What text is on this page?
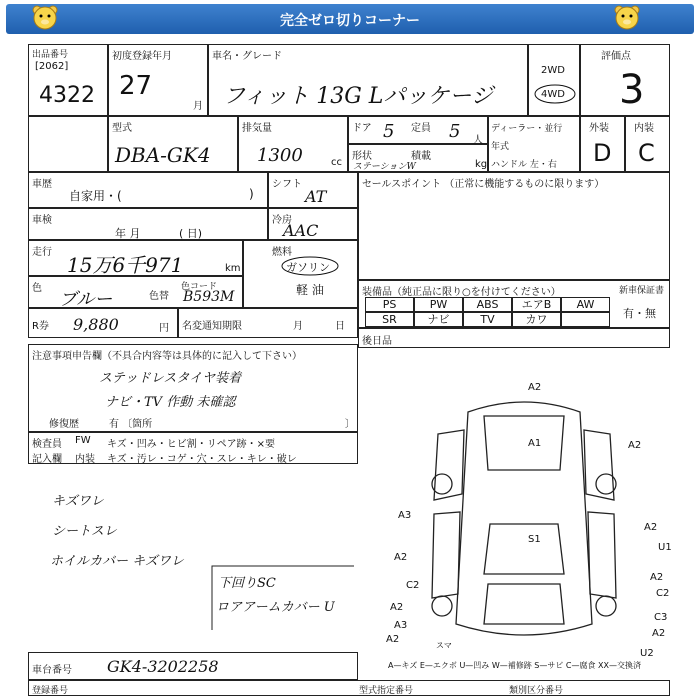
完全ゼロ切りコーナー
出品番号
[2062]
4322
初度登録年月
27
月
車名・グレード
フィット 13G Lパッケージ
2WD
4WD
評価点
3
型式
DBA-GK4
排気量
1300	cc
ドア 5 定員 5 人
形状
ステーションW
積載
kg
ディーラー・並行
年式
ハンドル 左・右
外装
D
内装
C
車歴
自家用・(	)
シフト
AT
車検
年 月	( 日)
冷房
AAC
走行
15万6千971	km
燃料
ガソリン
軽 油
色
ブルー	色替
色コード
B593M
R券 9,880	円 名変通知期限	月	日
セールスポイント （正常に機能するものに限ります）
装備品（純正品に限り○を付けてください）	新車保証書
有・無
PS	PW	ABS	エアB	AW
SR	ナビ	TV	カワ
後日品
注意事項申告欄（不具合内容等は具体的に記入して下さい）
ステッドレスタイヤ装着
ナビ・TV 作動 未確認
修復歴	有 〔箇所	〕
検査員
記入欄
FW キズ・凹み・ヒビ割・リペア跡・×要
内装 キズ・汚レ・コゲ・穴・スレ・キレ・破レ
キズワレ
シートスレ
ホイルカバー キズワレ
下回りSC
ロアアームカバー U
A2
A1	A2
A3
S1
A2
A2
A2
C2
A3
U1
C2
A2
C3
A2
A2
U2
スマ
A—キズ E—エクボ U—凹み W—補修跡 S—サビ C—腐食 XX—交換済
車台番号 GK4-3202258
登録番号	型式指定番号	類別区分番号
